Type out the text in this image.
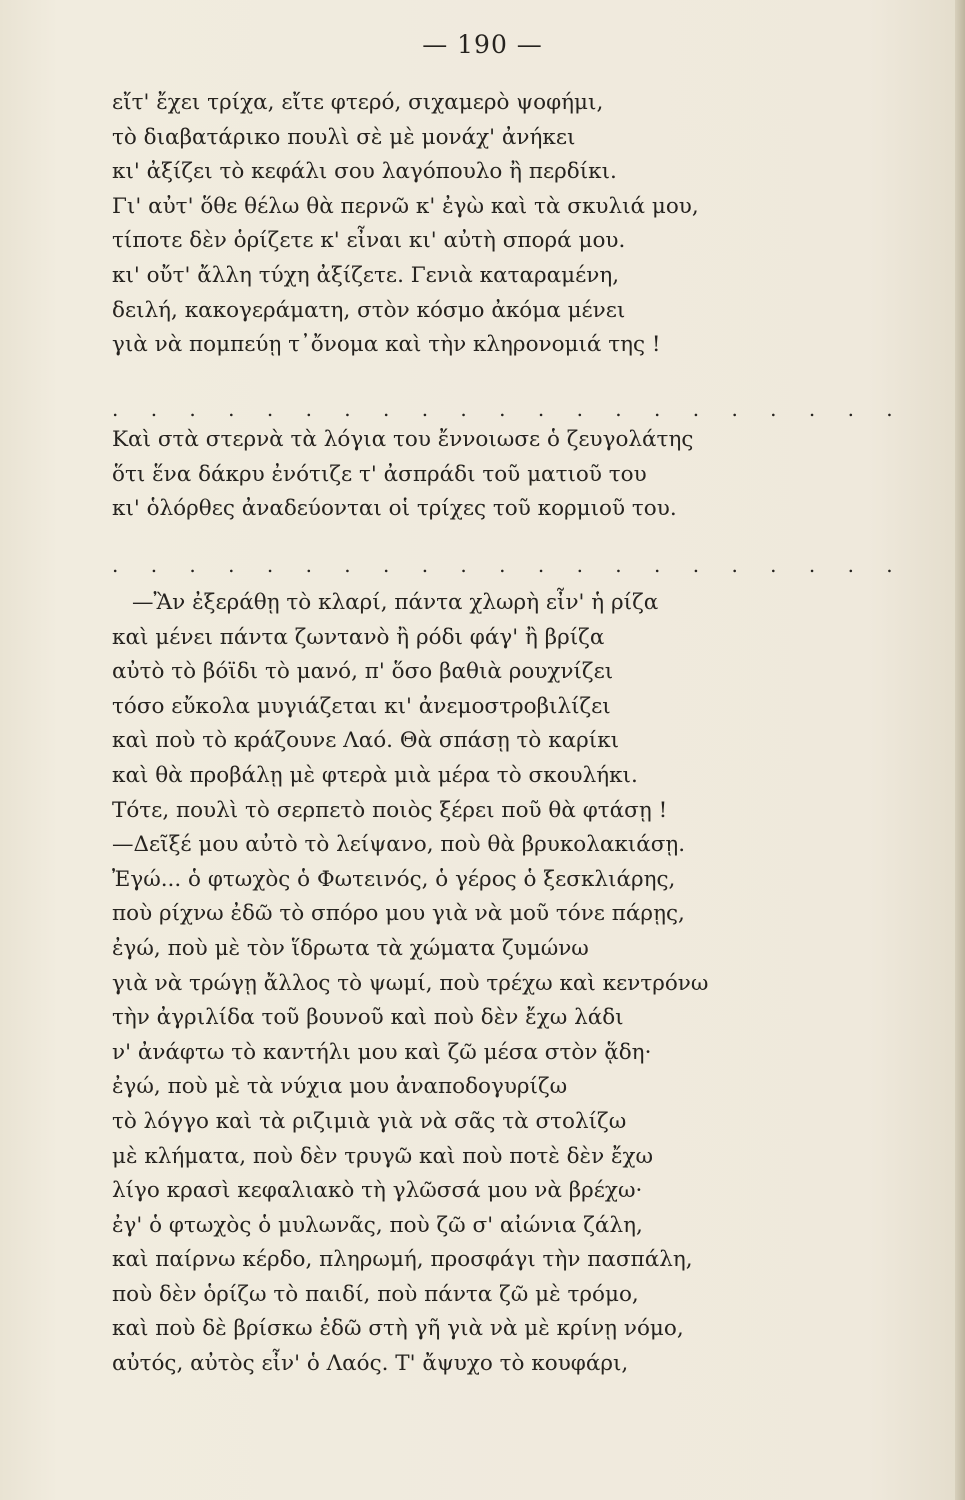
— 190 —
εἴτ' ἔχει τρίχα, εἴτε φτερό, σιχαμερὸ ψοφήμι,
τὸ διαβατάρικο πουλὶ σὲ μὲ μονάχ' ἀνήκει
κι' ἀξίζει τὸ κεφάλι σου λαγόπουλο ἢ περδίκι.
Γι' αὐτ' ὅθε θέλω θὰ περνῶ κ' ἐγὼ καὶ τὰ σκυλιά μου,
τίποτε δὲν ὁρίζετε κ' εἶναι κι' αὐτὴ σπορά μου.
κι' οὔτ' ἄλλη τύχη ἀξίζετε. Γενιὰ καταραμένη,
δειλή, κακογεράματη, στὸν κόσμο ἀκόμα μένει
γιὰ νὰ πομπεύῃ τ᾽ὄνομα καὶ τὴν κληρονομιά της !
. . . . . . . . . . . . . . . . . . . . .
Καὶ στὰ στερνὰ τὰ λόγια του ἔννοιωσε ὁ ζευγολάτης
ὅτι ἕνα δάκρυ ἐνότιζε τ' ἀσπράδι τοῦ ματιοῦ του
κι' ὁλόρθες ἀναδεύονται οἱ τρίχες τοῦ κορμιοῦ του.
. . . . . . . . . . . . . . . . . . . . .
—Ἂν ἐξεράθῃ τὸ κλαρί, πάντα χλωρὴ εἶν' ἡ ρίζα
καὶ μένει πάντα ζωντανὸ ἢ ρόδι φάγ' ἢ βρίζα
αὐτὸ τὸ βόϊδι τὸ μανό, π' ὅσο βαθιὰ ρουχνίζει
τόσο εὔκολα μυγιάζεται κι' ἀνεμοστροβιλίζει
καὶ ποὺ τὸ κράζουνε Λαό. Θὰ σπάσῃ τὸ καρίκι
καὶ θὰ προβάλῃ μὲ φτερὰ μιὰ μέρα τὸ σκουλήκι.
Τότε, πουλὶ τὸ σερπετὸ ποιὸς ξέρει ποῦ θὰ φτάσῃ !
—Δεῖξέ μου αὐτὸ τὸ λείψανο, ποὺ θὰ βρυκολακιάσῃ.
Ἐγώ... ὁ φτωχὸς ὁ Φωτεινός, ὁ γέρος ὁ ξεσκλιάρης,
ποὺ ρίχνω ἐδῶ τὸ σπόρο μου γιὰ νὰ μοῦ τόνε πάρῃς,
ἐγώ, ποὺ μὲ τὸν ἵδρωτα τὰ χώματα ζυμώνω
γιὰ νὰ τρώγῃ ἄλλος τὸ ψωμί, ποὺ τρέχω καὶ κεντρόνω
τὴν ἀγριλίδα τοῦ βουνοῦ καὶ ποὺ δὲν ἔχω λάδι
ν' ἀνάφτω τὸ καντήλι μου καὶ ζῶ μέσα στὸν ᾅδη·
ἐγώ, ποὺ μὲ τὰ νύχια μου ἀναποδογυρίζω
τὸ λόγγο καὶ τὰ ριζιμιὰ γιὰ νὰ σᾶς τὰ στολίζω
μὲ κλήματα, ποὺ δὲν τρυγῶ καὶ ποὺ ποτὲ δὲν ἔχω
λίγο κρασὶ κεφαλιακὸ τὴ γλῶσσά μου νὰ βρέχω·
ἐγ' ὁ φτωχὸς ὁ μυλωνᾶς, ποὺ ζῶ σ' αἰώνια ζάλη,
καὶ παίρνω κέρδο, πληρωμή, προσφάγι τὴν πασπάλη,
ποὺ δὲν ὁρίζω τὸ παιδί, ποὺ πάντα ζῶ μὲ τρόμο,
καὶ ποὺ δὲ βρίσκω ἐδῶ στὴ γῆ γιὰ νὰ μὲ κρίνῃ νόμο,
αὐτός, αὐτὸς εἶν' ὁ Λαός. Τ' ἄψυχο τὸ κουφάρι,
